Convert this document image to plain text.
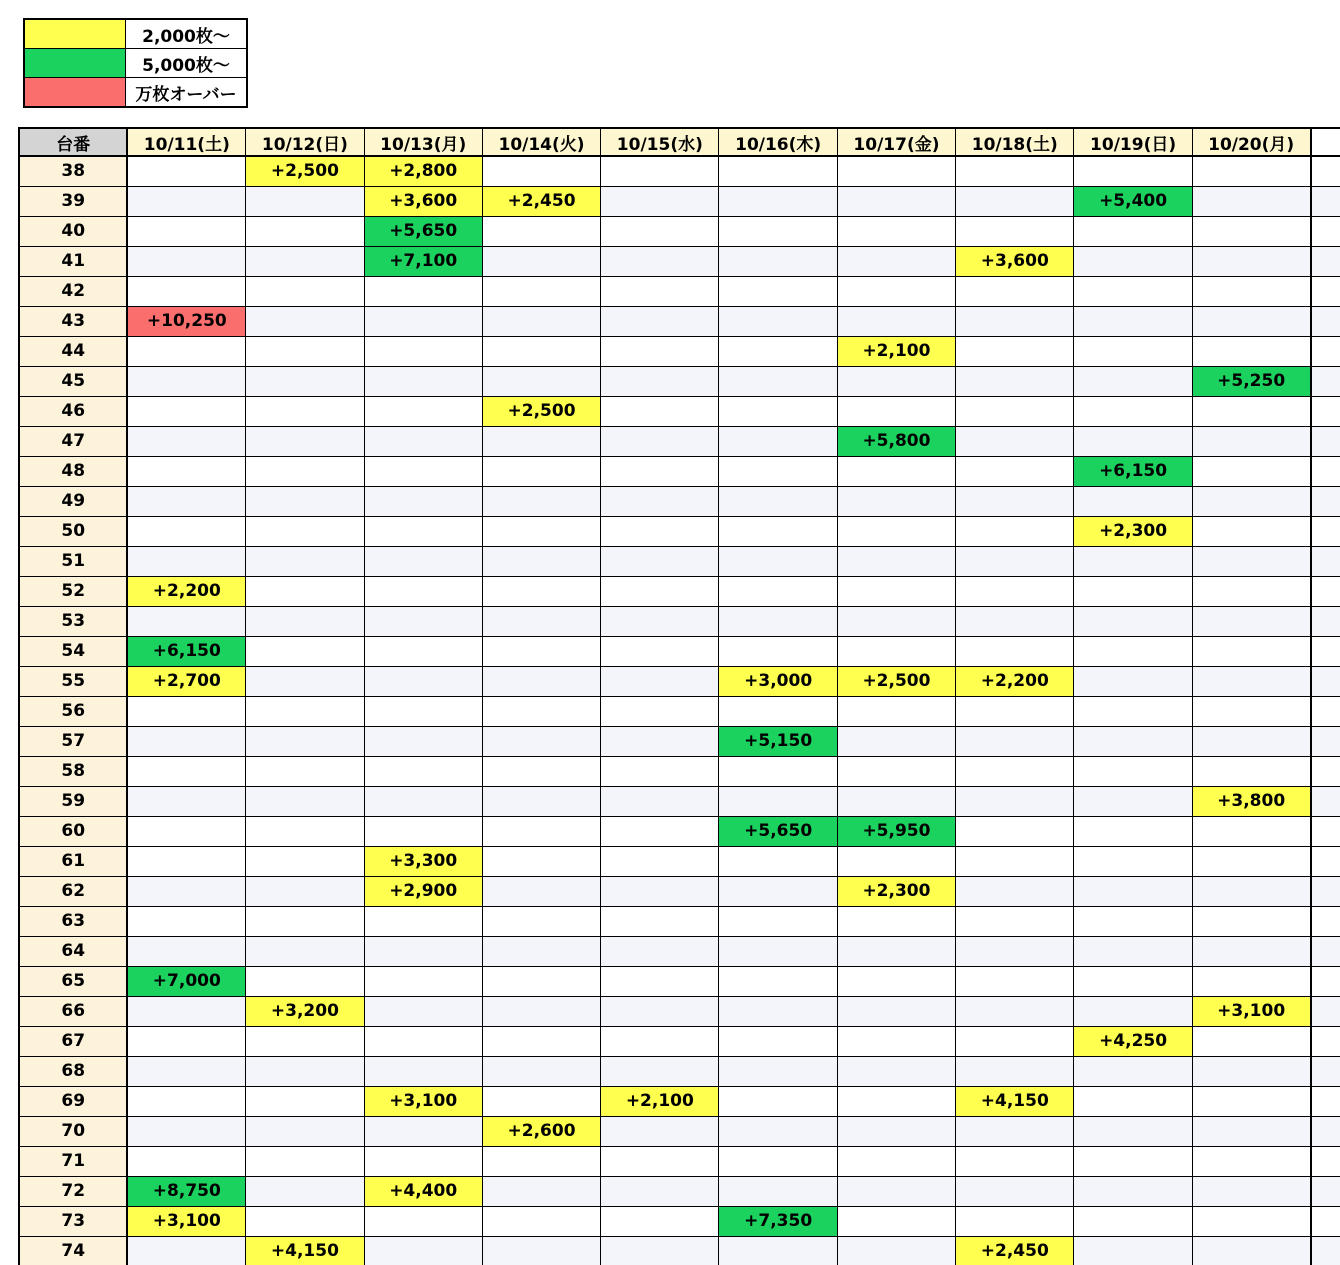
	2,000枚〜
	5,000枚〜
	万枚オーバー
台番	10/11(土)	10/12(日)	10/13(月)	10/14(火)	10/15(水)	10/16(木)	10/17(金)	10/18(土)	10/19(日)	10/20(月)	
38		+2,500	+2,800								
39			+3,600	+2,450					+5,400		
40			+5,650								
41			+7,100					+3,600			
42											
43	+10,250										
44							+2,100				
45										+5,250	
46				+2,500							
47							+5,800				
48									+6,150		
49											
50									+2,300		
51											
52	+2,200										
53											
54	+6,150										
55	+2,700					+3,000	+2,500	+2,200			
56											
57						+5,150					
58											
59										+3,800	
60						+5,650	+5,950				
61			+3,300								
62			+2,900				+2,300				
63											
64											
65	+7,000										
66		+3,200								+3,100	
67									+4,250		
68											
69			+3,100		+2,100			+4,150			
70				+2,600							
71											
72	+8,750		+4,400								
73	+3,100					+7,350					
74		+4,150						+2,450			
